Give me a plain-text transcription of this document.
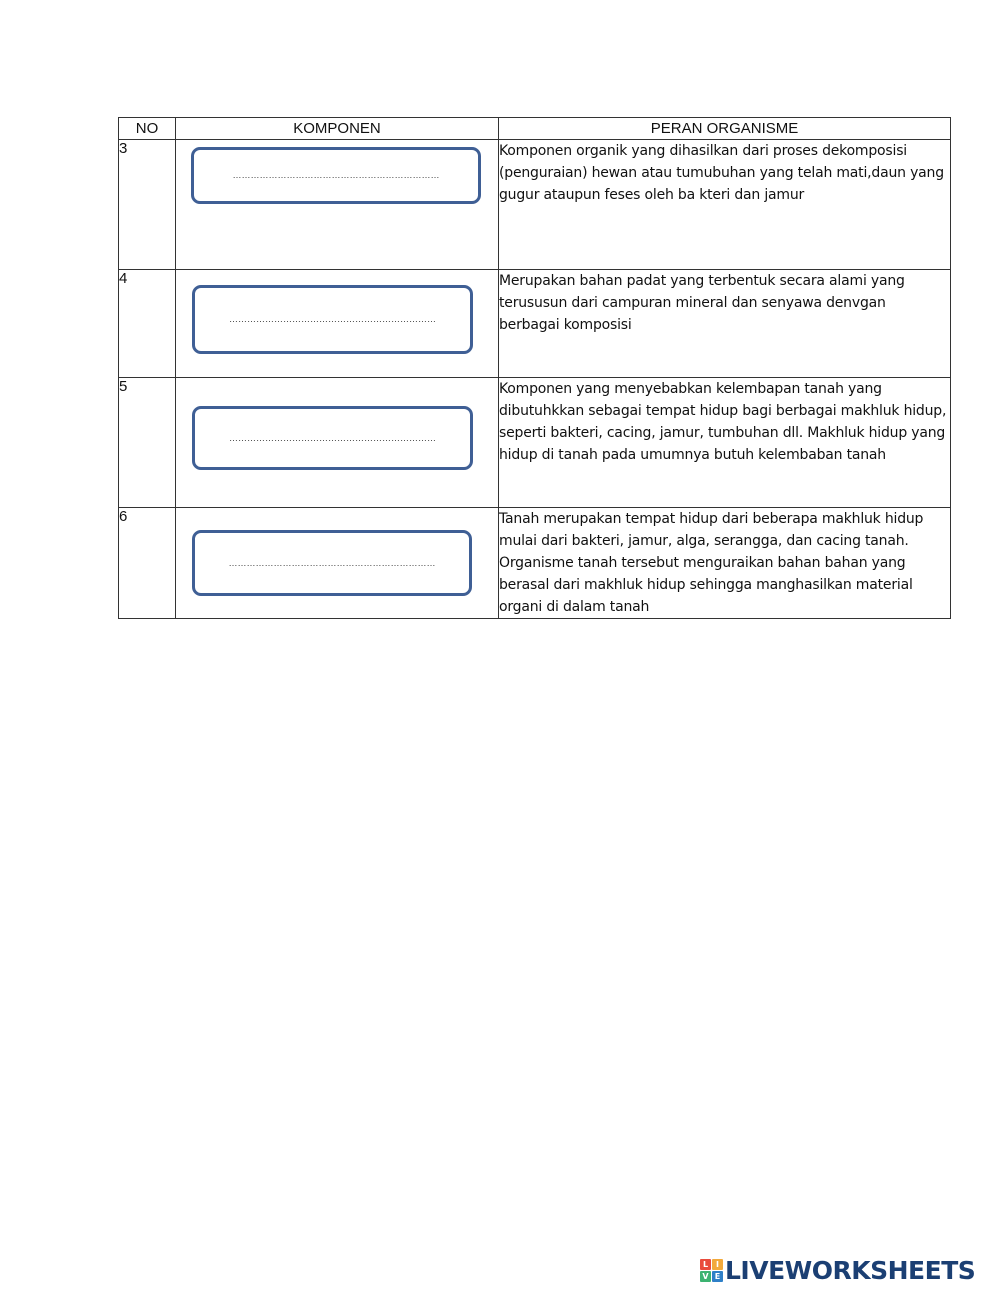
NO	KOMPONEN	PERAN ORGANISME
3	……………………………………………………………	Komponen organik yang dihasilkan dari proses dekomposisi (penguraian) hewan atau tumubuhan yang telah mati,daun yang gugur ataupun feses oleh ba kteri dan jamur
4	……………………………………………………………	Merupakan bahan padat yang terbentuk secara alami yang terususun dari campuran mineral dan senyawa denvgan berbagai komposisi
5	……………………………………………………………	Komponen yang menyebabkan kelembapan tanah yang dibutuhkkan sebagai tempat hidup bagi berbagai makhluk hidup, seperti bakteri, cacing, jamur, tumbuhan dll. Makhluk hidup yang hidup di tanah pada umumnya butuh kelembaban tanah
6	……………………………………………………………	Tanah merupakan tempat hidup dari beberapa makhluk hidup mulai dari bakteri, jamur, alga, serangga, dan cacing tanah. Organisme tanah tersebut menguraikan bahan bahan yang berasal dari makhluk hidup sehingga manghasilkan material organi di dalam tanah
L I
V E LIVEWORKSHEETS
